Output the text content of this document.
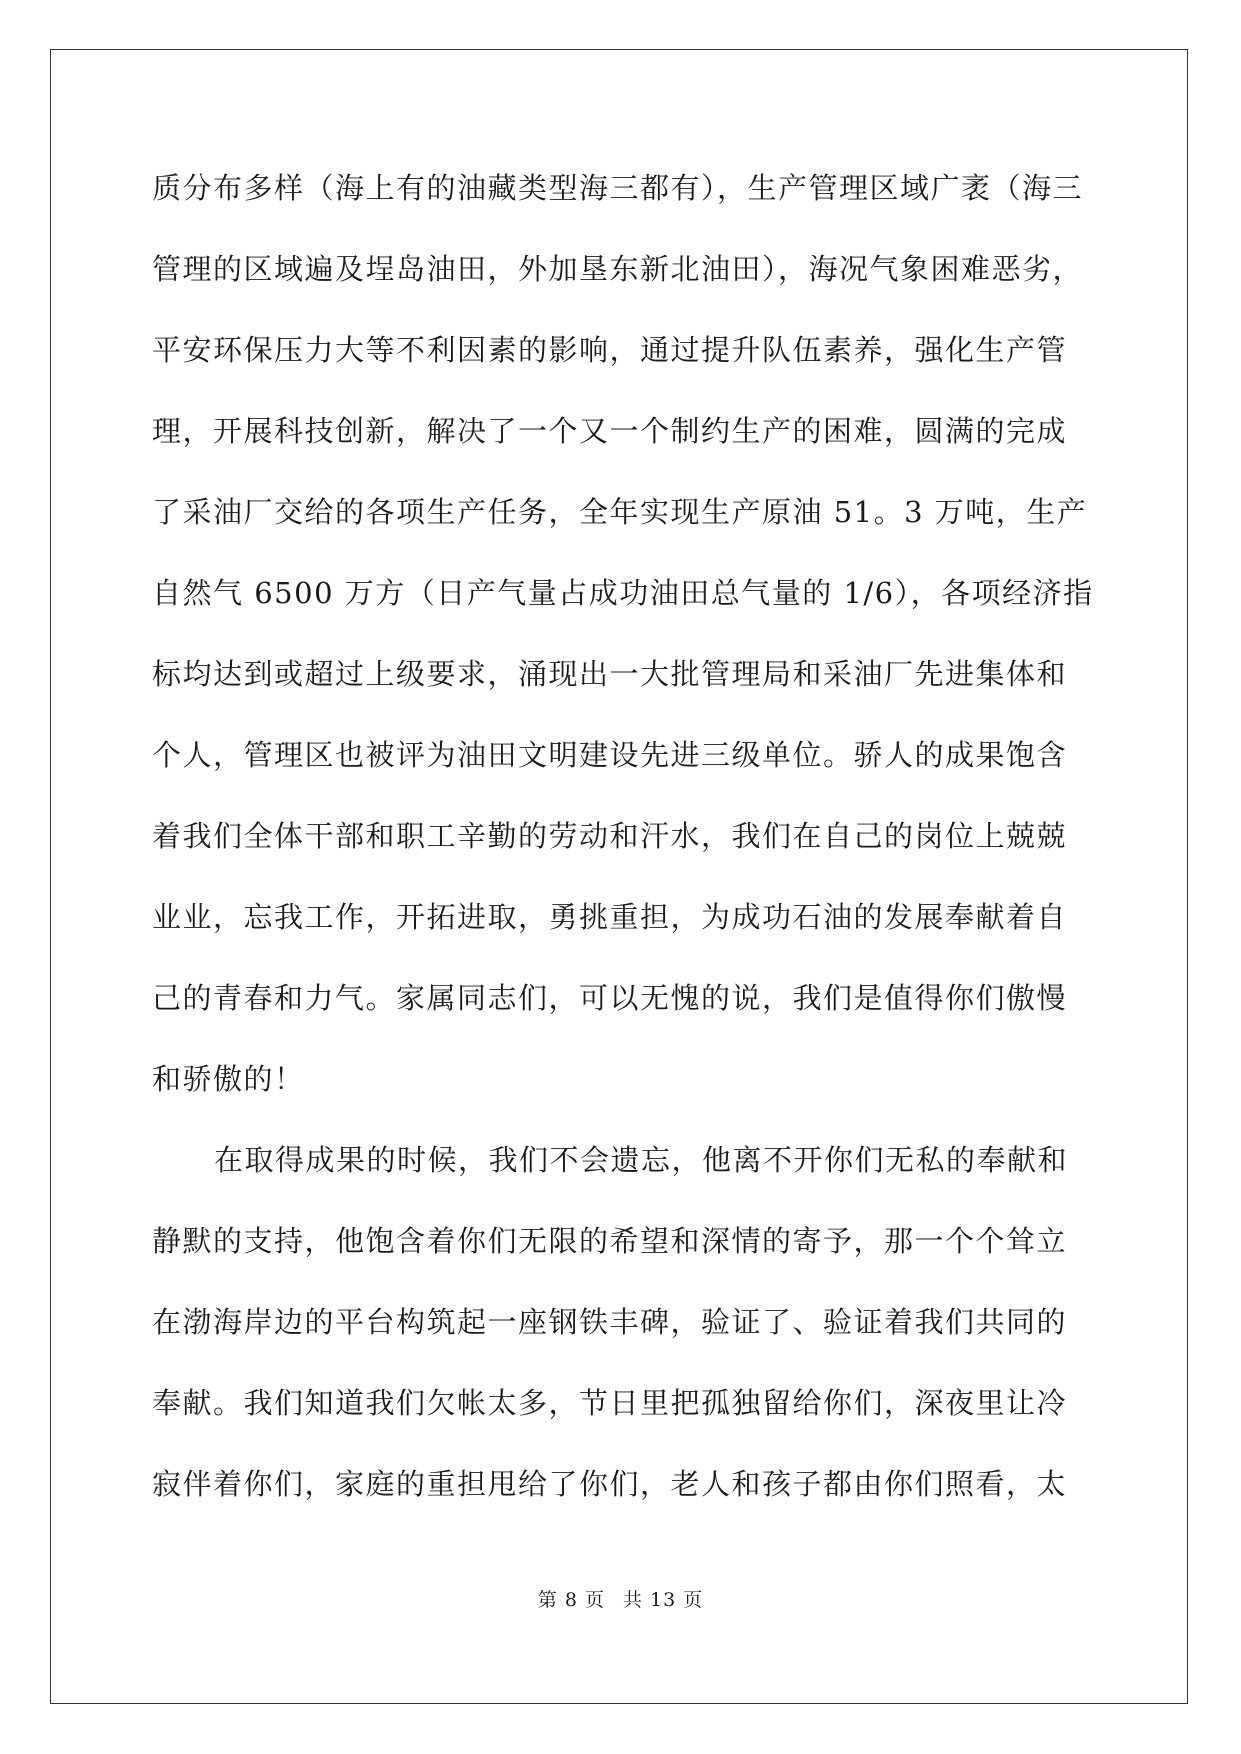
质分布多样（海上有的油藏类型海三都有），生产管理区域广袤（海三
管理的区域遍及埕岛油田，外加垦东新北油田），海况气象困难恶劣，
平安环保压力大等不利因素的影响，通过提升队伍素养，强化生产管
理，开展科技创新，解决了一个又一个制约生产的困难，圆满的完成
了采油厂交给的各项生产任务，全年实现生产原油 51。3 万吨，生产
自然气 6500 万方（日产气量占成功油田总气量的 1/6），各项经济指
标均达到或超过上级要求，涌现出一大批管理局和采油厂先进集体和
个人，管理区也被评为油田文明建设先进三级单位。骄人的成果饱含
着我们全体干部和职工辛勤的劳动和汗水，我们在自己的岗位上兢兢
业业，忘我工作，开拓进取，勇挑重担，为成功石油的发展奉献着自
己的青春和力气。家属同志们，可以无愧的说，我们是值得你们傲慢
和骄傲的！
在取得成果的时候，我们不会遗忘，他离不开你们无私的奉献和
静默的支持，他饱含着你们无限的希望和深情的寄予，那一个个耸立
在渤海岸边的平台构筑起一座钢铁丰碑，验证了、验证着我们共同的
奉献。我们知道我们欠帐太多，节日里把孤独留给你们，深夜里让冷
寂伴着你们，家庭的重担甩给了你们，老人和孩子都由你们照看，太
第 8 页 共 13 页
